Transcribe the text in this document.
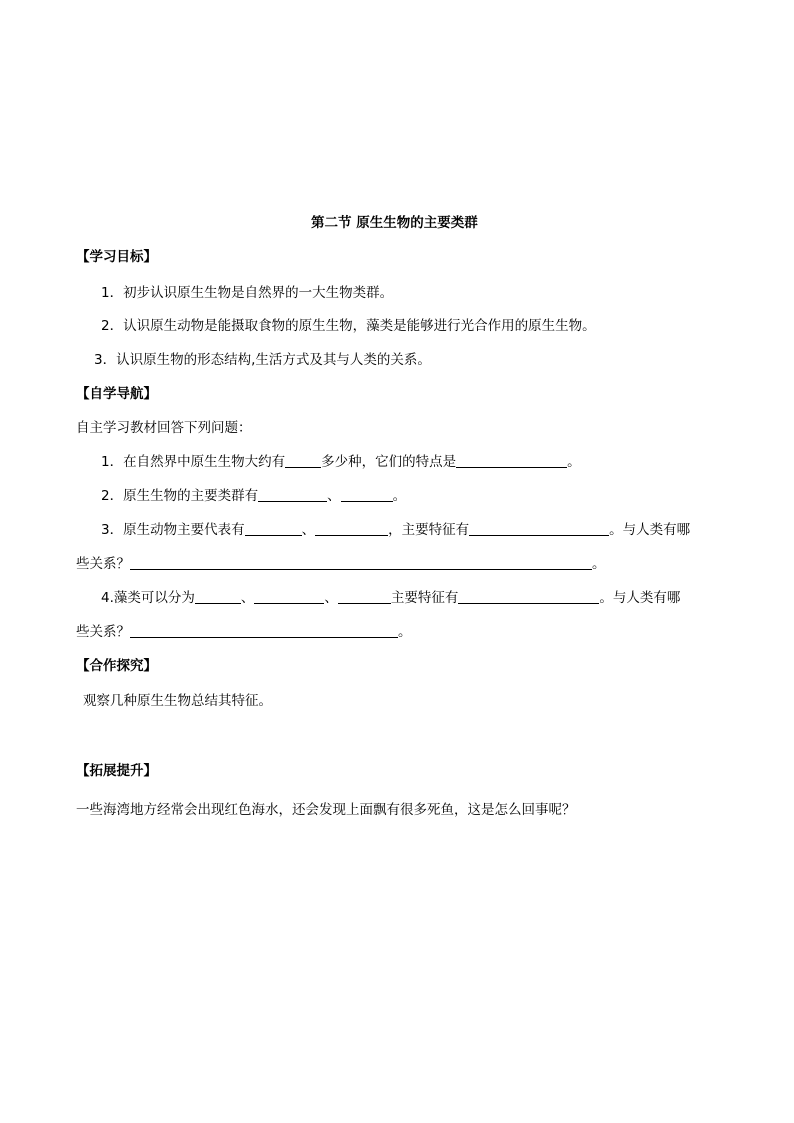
第二节 原生生物的主要类群
【学习目标】
1．初步认识原生生物是自然界的一大生物类群。
2．认识原生动物是能摄取食物的原生生物，藻类是能够进行光合作用的原生生物。
3．认识原生物的形态结构,生活方式及其与人类的关系。
【自学导航】
自主学习教材回答下列问题：
1．在自然界中原生生物大约有	多少种，它们的特点是	。
2．原生生物的主要类群有	、	。
3．原生动物主要代表有	、	，主要特征有	。与人类有哪
些关系？	。
4.藻类可以分为	、	、	主要特征有	。与人类有哪
些关系？	。
【合作探究】
观察几种原生生物总结其特征。
【拓展提升】
一些海湾地方经常会出现红色海水，还会发现上面飘有很多死鱼，这是怎么回事呢？
